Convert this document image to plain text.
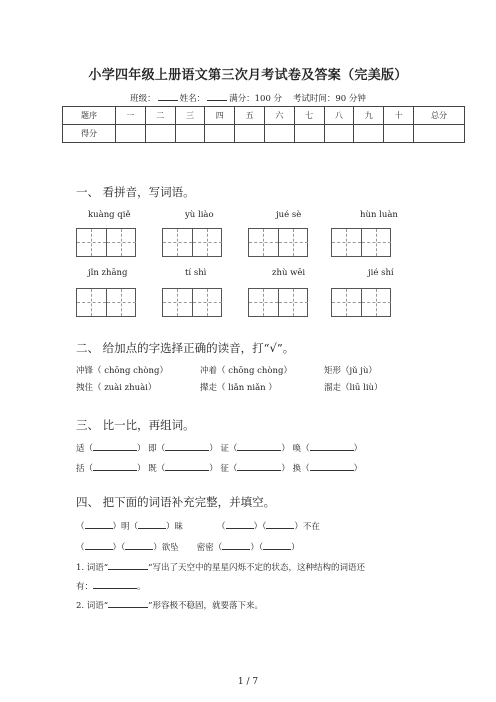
小学四年级上册语文第三次月考试卷及答案（完美版）
班级：	姓名：	满分：100 分 考试时间：90 分钟
题序	一	二	三	四	五	六	七	八	九	十	总分
得分											
一、 看拼音，写词语。
kuàng qiě	yù liào	jué sè	hùn luàn
jǐn zhāng	tí shì	zhù wēi	jié shí
二、 给加点的字选择正确的读音，打“√”。
冲锋（ chōng chòng）	冲着（ chōng chòng）	矩形（jǔ jù）
拽住（ zuài zhuài）	撵走（ liǎn niǎn ）	溜走（liū liù）
三、 比一比，再组词。
适（	） 即（	） 证（	） 唤（	）
括（	） 既（	） 征（	） 换（	）
四、 把下面的词语补充完整，并填空。
（	）明（	）昧	（	）（	）不在
（	）（	）欲坠 密密（	）（	）
1. 词语“	”写出了天空中的星星闪烁不定的状态，这种结构的词语还
有：	。
2. 词语“	”形容极不稳固，就要落下来。
1 / 7
